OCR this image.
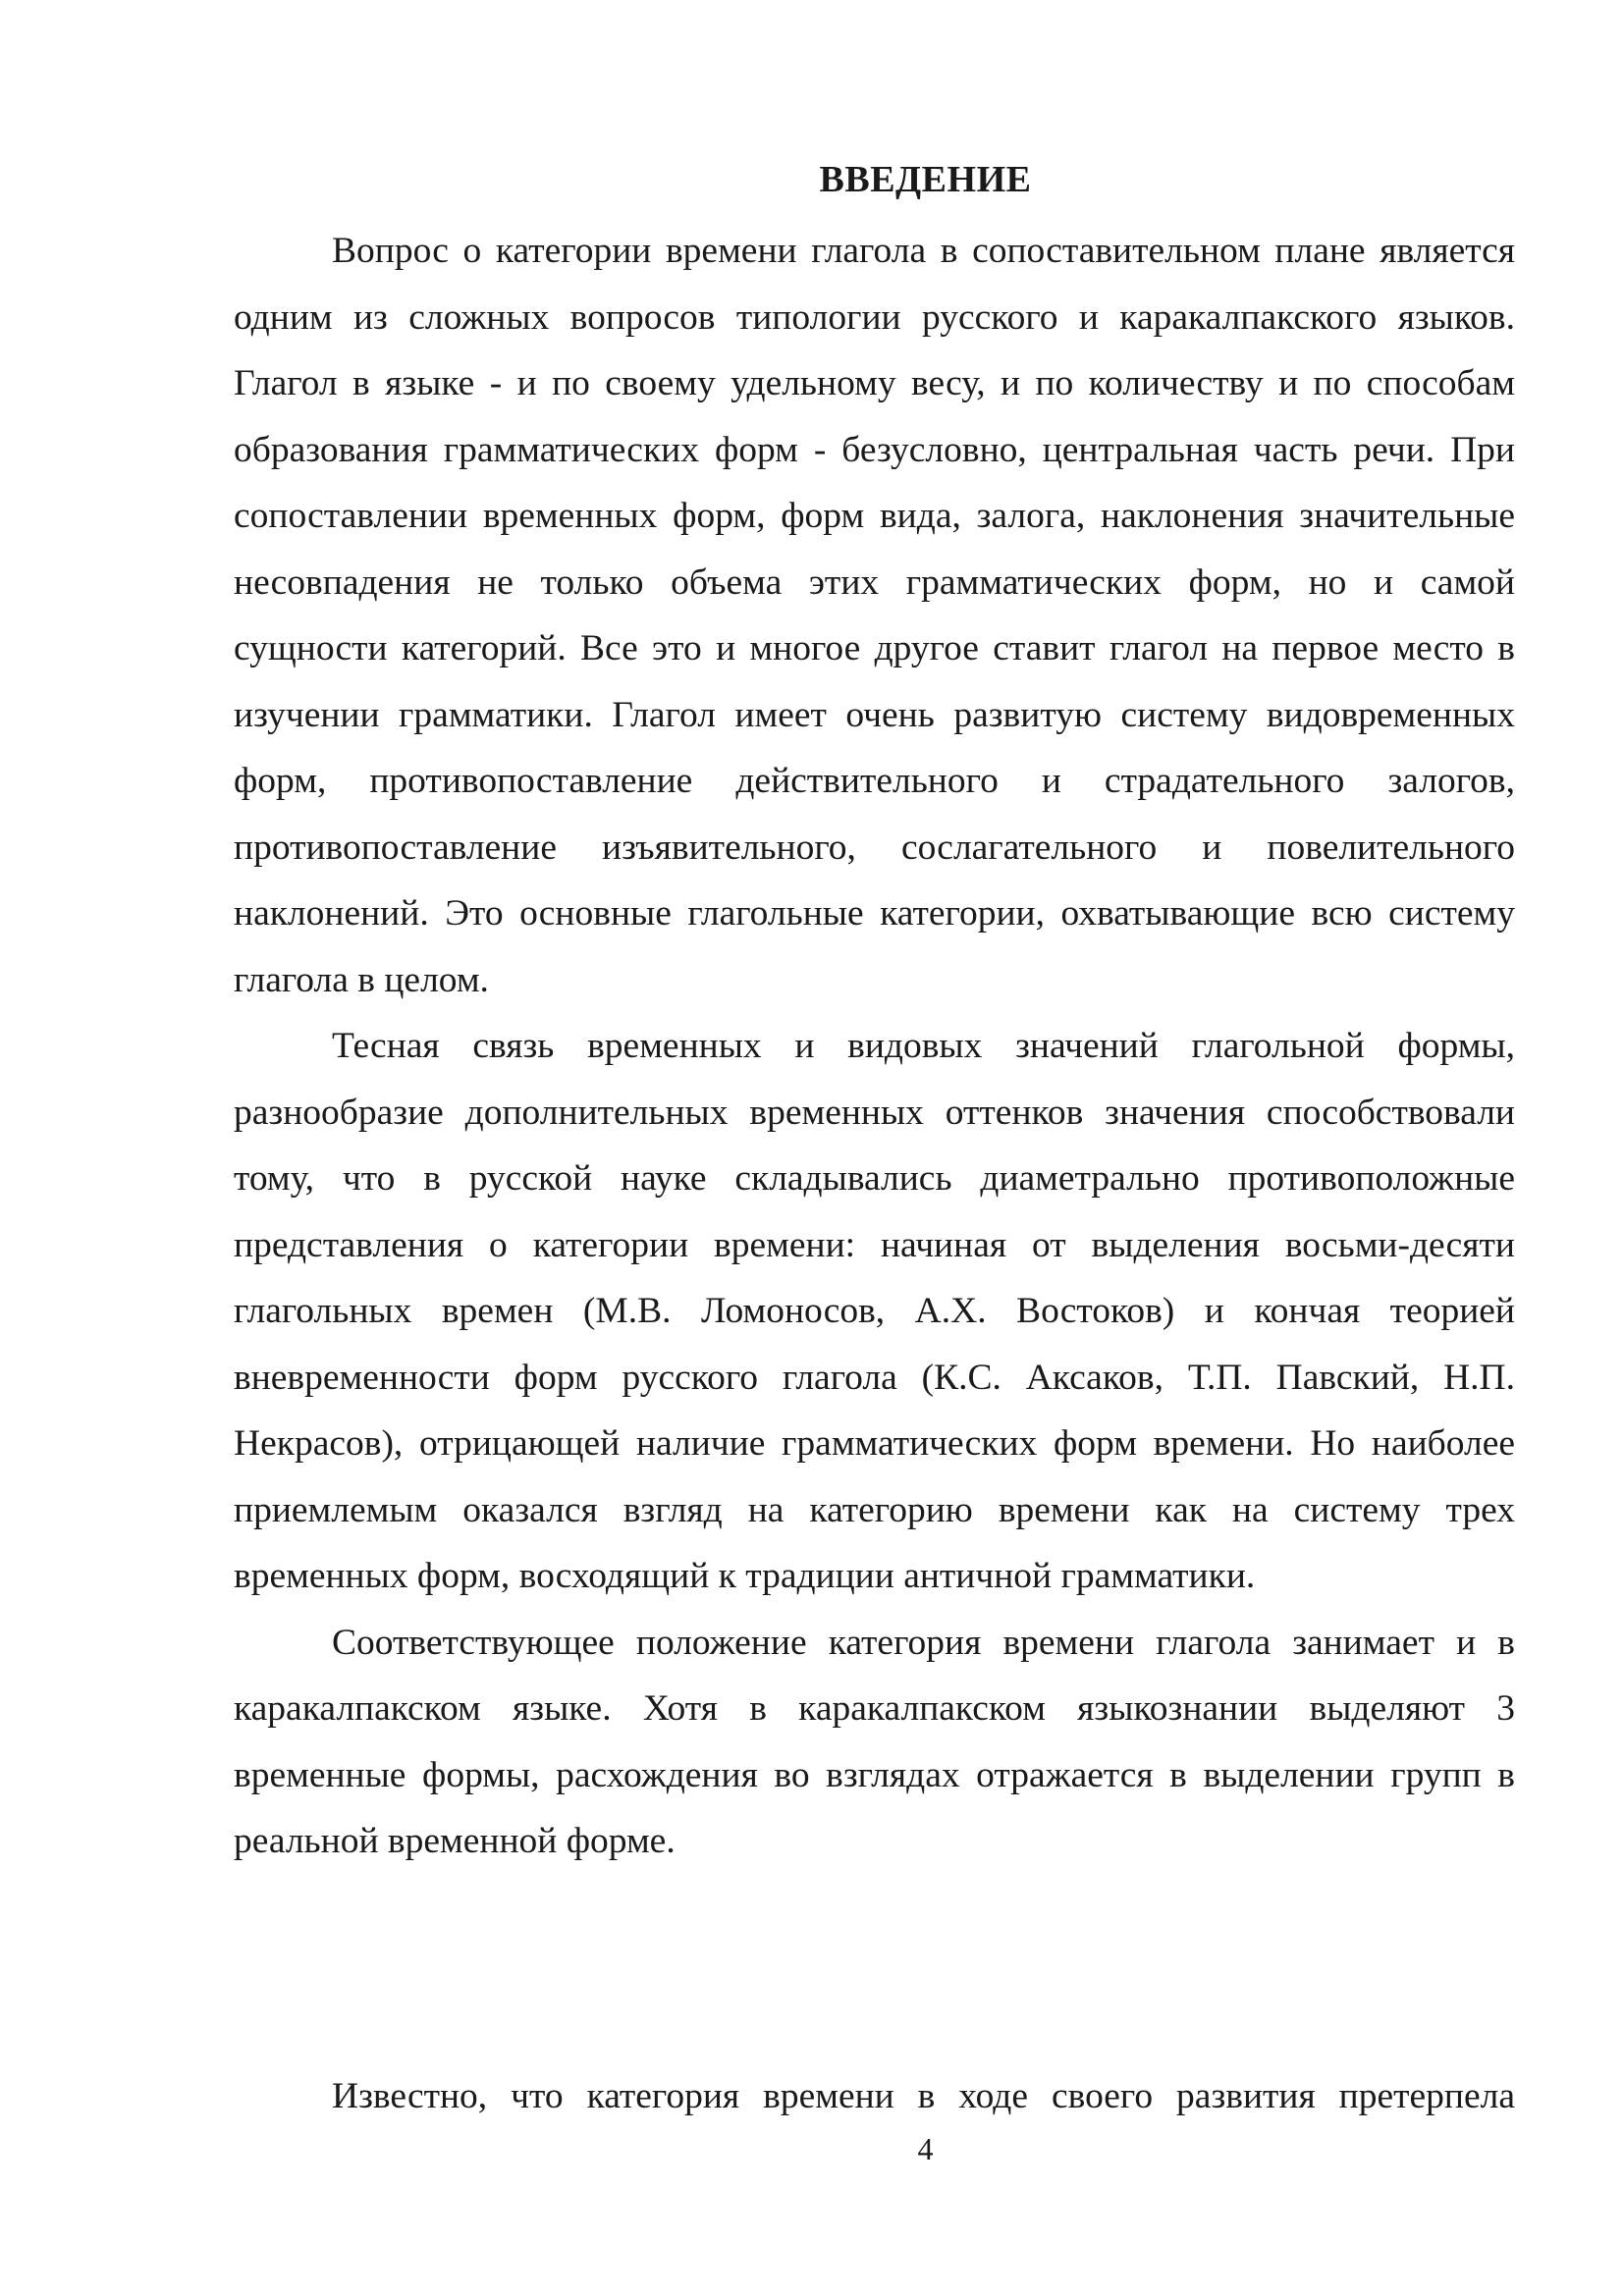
ВВЕДЕНИЕ

Вопрос о категории времени глагола в сопоставительном плане является одним из сложных вопросов типологии русского и каракалпакского языков. Глагол в языке - и по своему удельному весу, и по количеству и по способам образования грамматических форм - безусловно, центральная часть речи. При сопоставлении временных форм, форм вида, залога, наклонения значительные несовпадения не только объема этих грамматических форм, но и самой сущности категорий. Все это и многое другое ставит глагол на первое место в изучении грамматики. Глагол имеет очень развитую систему видовременных форм, противопоставление действительного и страдательного залогов, противопоставление изъявительного, сослагательного и повелительного наклонений. Это основные глагольные категории, охватывающие всю систему глагола в целом.

Тесная связь временных и видовых значений глагольной формы, разнообразие дополнительных временных оттенков значения способствовали тому, что в русской науке складывались диаметрально противоположные представления о категории времени: начиная от выделения восьми-десяти глагольных времен (М.В. Ломоносов, А.Х. Востоков) и кончая теорией вневременности форм русского глагола (К.С. Аксаков, Т.П. Павский, Н.П. Некрасов), отрицающей наличие грамматических форм времени. Но наиболее приемлемым оказался взгляд на категорию времени как на систему трех временных форм, восходящий к традиции античной грамматики.

Соответствующее положение категория времени глагола занимает и в каракалпакском языке. Хотя в каракалпакском языкознании выделяют 3 временные формы, расхождения во взглядах отражается в выделении групп в реальной временной форме.

Известно, что категория времени в ходе своего развития претерпела

4
